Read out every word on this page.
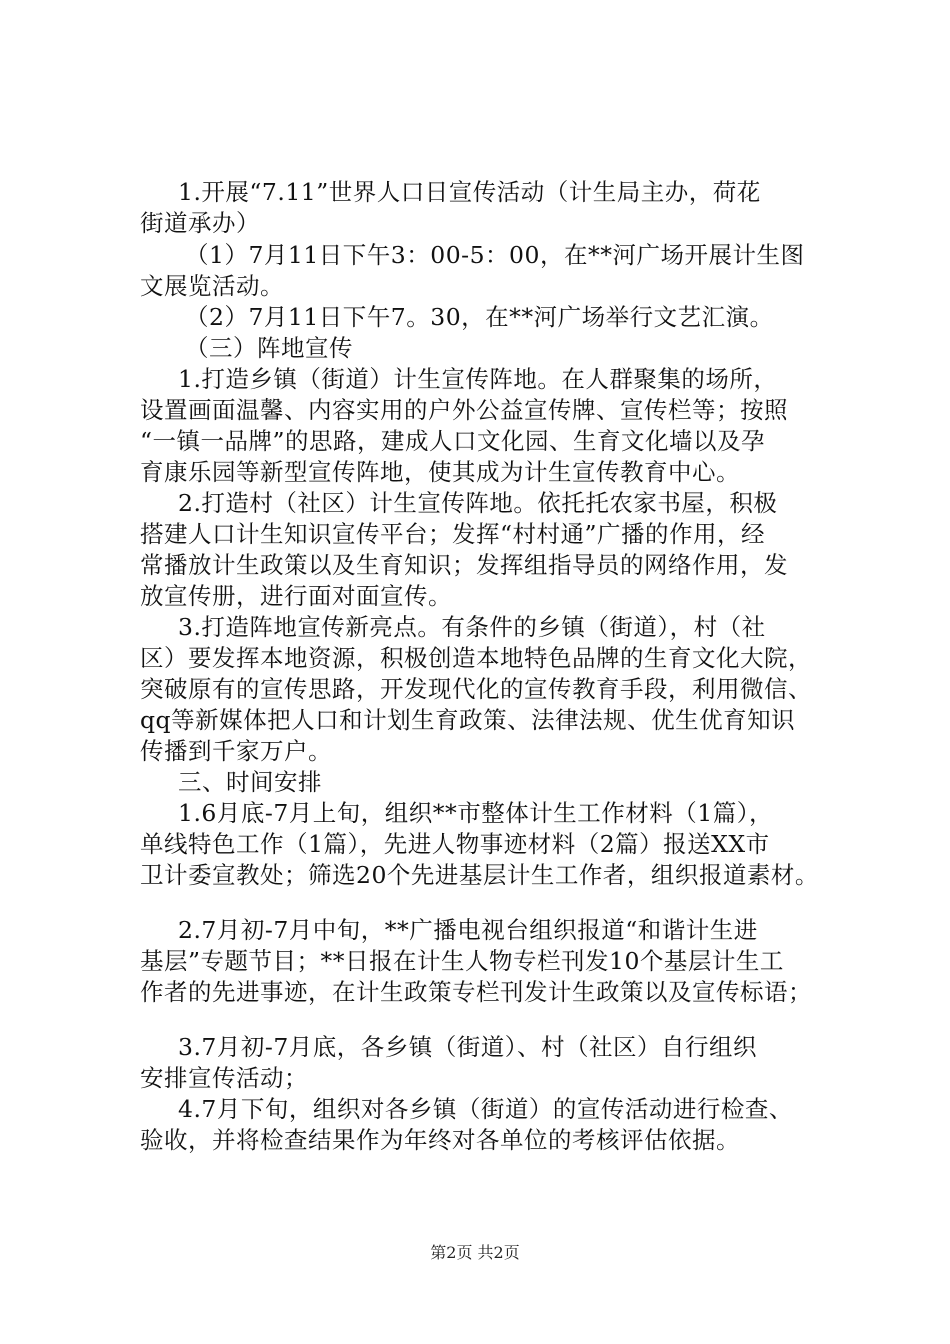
1.开展“7.11”世界人口日宣传活动（计生局主办，荷花
街道承办）
（1）7月11日下午3：00-5：00，在**河广场开展计生图
文展览活动。
（2）7月11日下午7。30，在**河广场举行文艺汇演。
（三）阵地宣传
1.打造乡镇（街道）计生宣传阵地。在人群聚集的场所，
设置画面温馨、内容实用的户外公益宣传牌、宣传栏等；按照
“一镇一品牌”的思路，建成人口文化园、生育文化墙以及孕
育康乐园等新型宣传阵地，使其成为计生宣传教育中心。
2.打造村（社区）计生宣传阵地。依托托农家书屋，积极
搭建人口计生知识宣传平台；发挥“村村通”广播的作用，经
常播放计生政策以及生育知识；发挥组指导员的网络作用，发
放宣传册，进行面对面宣传。
3.打造阵地宣传新亮点。有条件的乡镇（街道），村（社
区）要发挥本地资源，积极创造本地特色品牌的生育文化大院，
突破原有的宣传思路，开发现代化的宣传教育手段，利用微信、
qq等新媒体把人口和计划生育政策、法律法规、优生优育知识
传播到千家万户。
三、时间安排
1.6月底-7月上旬，组织**市整体计生工作材料（1篇），
单线特色工作（1篇），先进人物事迹材料（2篇）报送XX市
卫计委宣教处；筛选20个先进基层计生工作者，组织报道素材。
2.7月初-7月中旬，**广播电视台组织报道“和谐计生进
基层”专题节目；**日报在计生人物专栏刊发10个基层计生工
作者的先进事迹，在计生政策专栏刊发计生政策以及宣传标语；
3.7月初-7月底，各乡镇（街道）、村（社区）自行组织
安排宣传活动；
4.7月下旬，组织对各乡镇（街道）的宣传活动进行检查、
验收，并将检查结果作为年终对各单位的考核评估依据。
第2页 共2页
